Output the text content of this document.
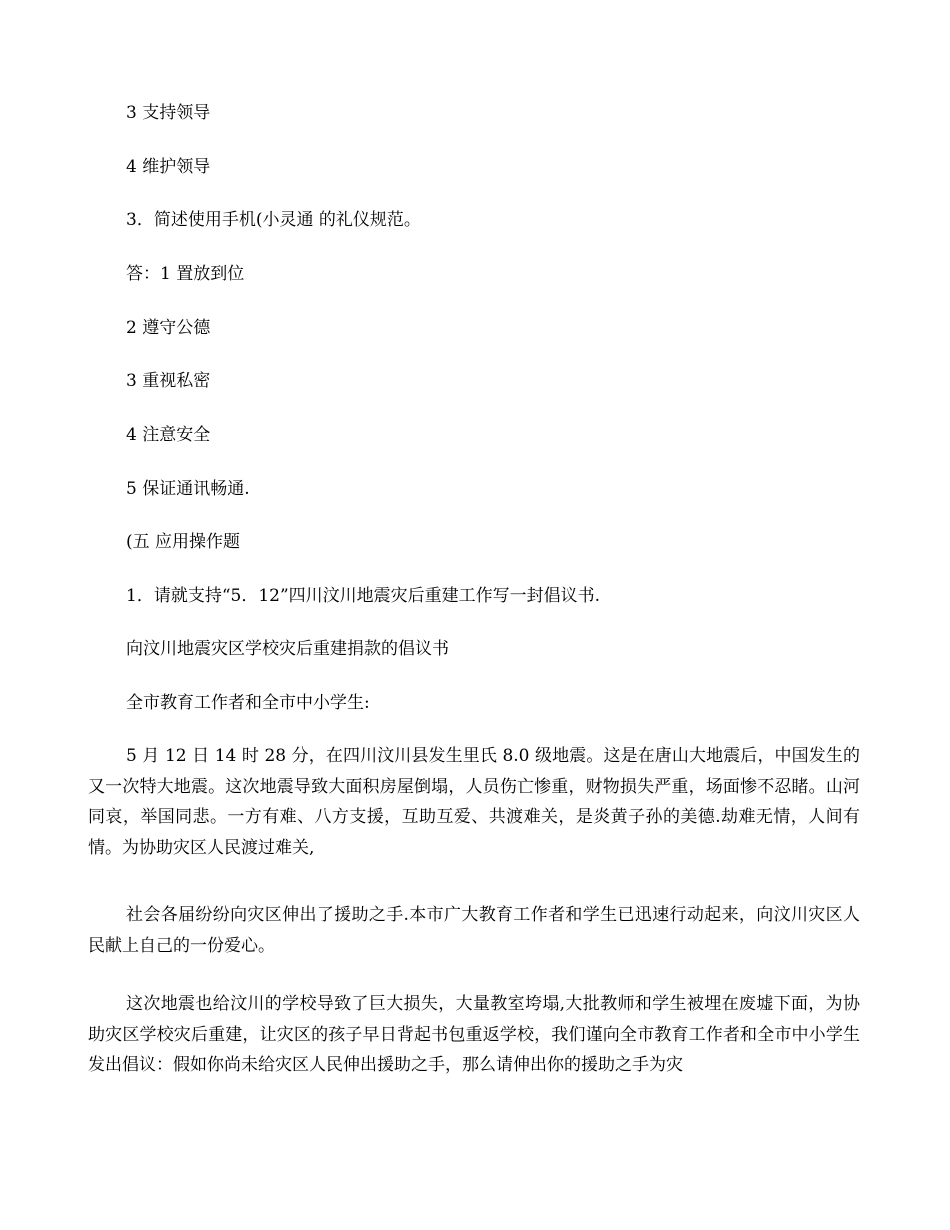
3 支持领导
4 维护领导
3．简述使用手机(小灵通 的礼仪规范。
答：1 置放到位
2 遵守公德
3 重视私密
4 注意安全
5 保证通讯畅通.
(五 应用操作题
1．请就支持“5．12”四川汶川地震灾后重建工作写一封倡议书.
向汶川地震灾区学校灾后重建捐款的倡议书
全市教育工作者和全市中小学生:
5 月 12 日 14 时 28 分，在四川汶川县发生里氏 8.0 级地震。这是在唐山大地震后，中国发生的又一次特大地震。这次地震导致大面积房屋倒塌，人员伤亡惨重，财物损失严重，场面惨不忍睹。山河同哀，举国同悲。一方有难、八方支援，互助互爱、共渡难关，是炎黄子孙的美德.劫难无情，人间有情。为协助灾区人民渡过难关,
社会各届纷纷向灾区伸出了援助之手.本市广大教育工作者和学生已迅速行动起来，向汶川灾区人民献上自己的一份爱心。
这次地震也给汶川的学校导致了巨大损失，大量教室垮塌,大批教师和学生被埋在废墟下面，为协助灾区学校灾后重建，让灾区的孩子早日背起书包重返学校，我们谨向全市教育工作者和全市中小学生发出倡议：假如你尚未给灾区人民伸出援助之手，那么请伸出你的援助之手为灾
